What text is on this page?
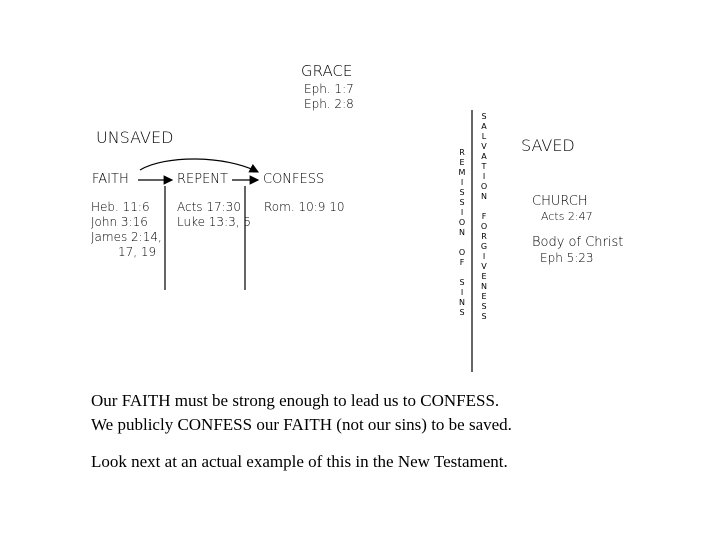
GRACE
Eph. 1:7
Eph. 2:8
UNSAVED
FAITH	REPENT	CONFESS
Heb. 11:6
John 3:16
James 2:14,
17, 19
Acts 17:30
Luke 13:3, 5
Rom. 10:9 10
R
E
M
I
S
S
I
O
N
O
F
S
I
N
S
S
A
L
V
A
T
I
O
N
F
O
R
G
I
V
E
N
E
S
S
SAVED
CHURCH
Acts 2:47
Body of Christ
Eph 5:23
Our FAITH must be strong enough to lead us to CONFESS.
We publicly CONFESS our FAITH (not our sins) to be saved.
Look next at an actual example of this in the New Testament.
